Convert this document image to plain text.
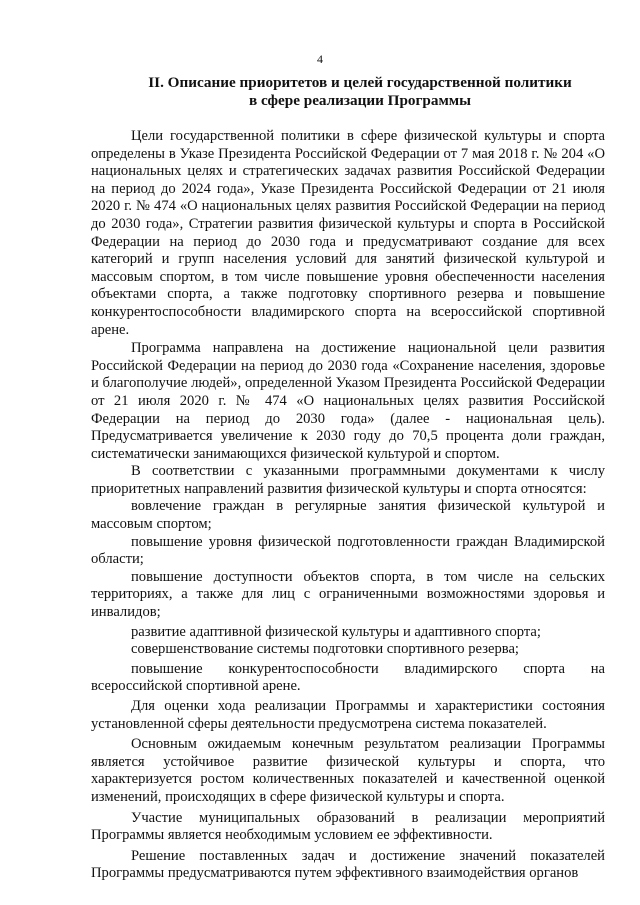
4
II. Описание приоритетов и целей государственной политики
в сфере реализации Программы

Цели государственной политики в сфере физической культуры и спорта определены в Указе Президента Российской Федерации от 7 мая 2018 г. № 204 «О национальных целях и стратегических задачах развития Российской Федерации на период до 2024 года», Указе Президента Российской Федерации от 21 июля 2020 г. № 474 «О национальных целях развития Российской Федерации на период до 2030 года», Стратегии развития физической культуры и спорта в Российской Федерации на период до 2030 года и предусматривают создание для всех категорий и групп населения условий для занятий физической культурой и массовым спортом, в том числе повышение уровня обеспеченности населения объектами спорта, а также подготовку спортивного резерва и повышение конкурентоспособности владимирского спорта на всероссийской спортивной арене.

Программа направлена на достижение национальной цели развития Российской Федерации на период до 2030 года «Сохранение населения, здоровье и благополучие людей», определенной Указом Президента Российской Федерации от 21 июля 2020 г. № 474 «О национальных целях развития Российской Федерации на период до 2030 года» (далее - национальная цель). Предусматривается увеличение к 2030 году до 70,5 процента доли граждан, систематически занимающихся физической культурой и спортом.

В соответствии с указанными программными документами к числу приоритетных направлений развития физической культуры и спорта относятся:

вовлечение граждан в регулярные занятия физической культурой и массовым спортом;

повышение уровня физической подготовленности граждан Владимирской области;

повышение доступности объектов спорта, в том числе на сельских территориях, а также для лиц с ограниченными возможностями здоровья и инвалидов;

развитие адаптивной физической культуры и адаптивного спорта;

совершенствование системы подготовки спортивного резерва;

повышение конкурентоспособности владимирского спорта на всероссийской спортивной арене.

Для оценки хода реализации Программы и характеристики состояния установленной сферы деятельности предусмотрена система показателей.

Основным ожидаемым конечным результатом реализации Программы является устойчивое развитие физической культуры и спорта, что характеризуется ростом количественных показателей и качественной оценкой изменений, происходящих в сфере физической культуры и спорта.

Участие муниципальных образований в реализации мероприятий Программы является необходимым условием ее эффективности.

Решение поставленных задач и достижение значений показателей Программы предусматриваются путем эффективного взаимодействия органов
